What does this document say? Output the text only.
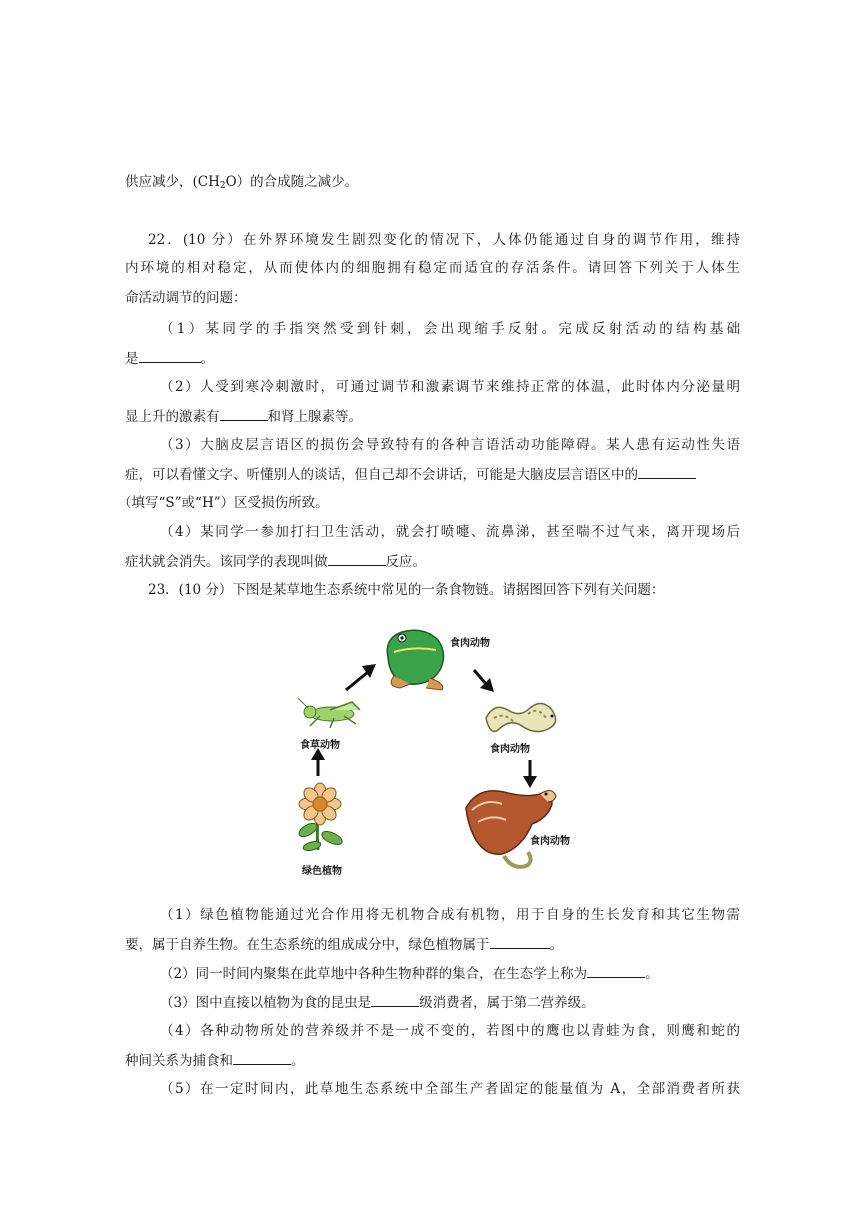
供应减少，$(CH_2O)$的合成随之减少。
22．(10 分）在外界环境发生剧烈变化的情况下，人体仍能通过自身的调节作用，维持
内环境的相对稳定，从而使体内的细胞拥有稳定而适宜的存活条件。请回答下列关于人体生
命活动调节的问题：
（1）某同学的手指突然受到针刺，会出现缩手反射。完成反射活动的结构基础
是	。
（2）人受到寒冷刺激时，可通过调节和激素调节来维持正常的体温，此时体内分泌量明
显上升的激素有	和肾上腺素等。
（3）大脑皮层言语区的损伤会导致特有的各种言语活动功能障碍。某人患有运动性失语
症，可以看懂文字、听懂别人的谈话，但自己却不会讲话，可能是大脑皮层言语区中的
（填写“S”或“H”）区受损伤所致。
（4）某同学一参加打扫卫生活动，就会打喷嚏、流鼻涕，甚至喘不过气来，离开现场后
症状就会消失。该同学的表现叫做	反应。
23．(10 分）下图是某草地生态系统中常见的一条食物链。请据图回答下列有关问题：
绿色植物
食草动物
食肉动物
食肉动物
食肉动物
（1）绿色植物能通过光合作用将无机物合成有机物，用于自身的生长发育和其它生物需
要，属于自养生物。在生态系统的组成成分中，绿色植物属于	。
（2）同一时间内聚集在此草地中各种生物种群的集合，在生态学上称为	。
（3）图中直接以植物为食的昆虫是	级消费者，属于第二营养级。
（4）各种动物所处的营养级并不是一成不变的，若图中的鹰也以青蛙为食，则鹰和蛇的
种间关系为捕食和	。
（5）在一定时间内，此草地生态系统中全部生产者固定的能量值为 A，全部消费者所获
